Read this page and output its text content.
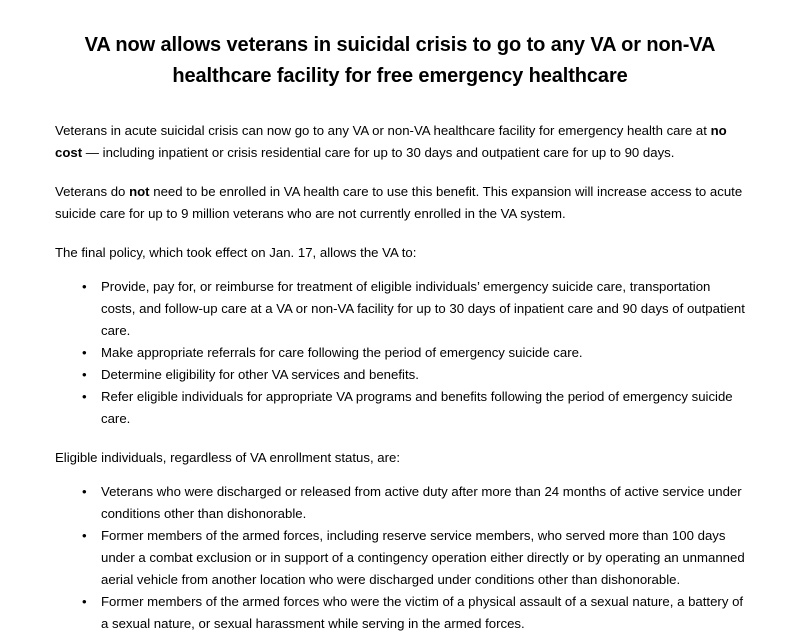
VA now allows veterans in suicidal crisis to go to any VA or non-VA healthcare facility for free emergency healthcare

Veterans in acute suicidal crisis can now go to any VA or non-VA healthcare facility for emergency health care at no cost — including inpatient or crisis residential care for up to 30 days and outpatient care for up to 90 days.

Veterans do not need to be enrolled in VA health care to use this benefit. This expansion will increase access to acute suicide care for up to 9 million veterans who are not currently enrolled in the VA system.

The final policy, which took effect on Jan. 17, allows the VA to:

• Provide, pay for, or reimburse for treatment of eligible individuals’ emergency suicide care, transportation costs, and follow-up care at a VA or non-VA facility for up to 30 days of inpatient care and 90 days of outpatient care.
• Make appropriate referrals for care following the period of emergency suicide care.
• Determine eligibility for other VA services and benefits.
• Refer eligible individuals for appropriate VA programs and benefits following the period of emergency suicide care.

Eligible individuals, regardless of VA enrollment status, are:

• Veterans who were discharged or released from active duty after more than 24 months of active service under conditions other than dishonorable.
• Former members of the armed forces, including reserve service members, who served more than 100 days under a combat exclusion or in support of a contingency operation either directly or by operating an unmanned aerial vehicle from another location who were discharged under conditions other than dishonorable.
• Former members of the armed forces who were the victim of a physical assault of a sexual nature, a battery of a sexual nature, or sexual harassment while serving in the armed forces.
